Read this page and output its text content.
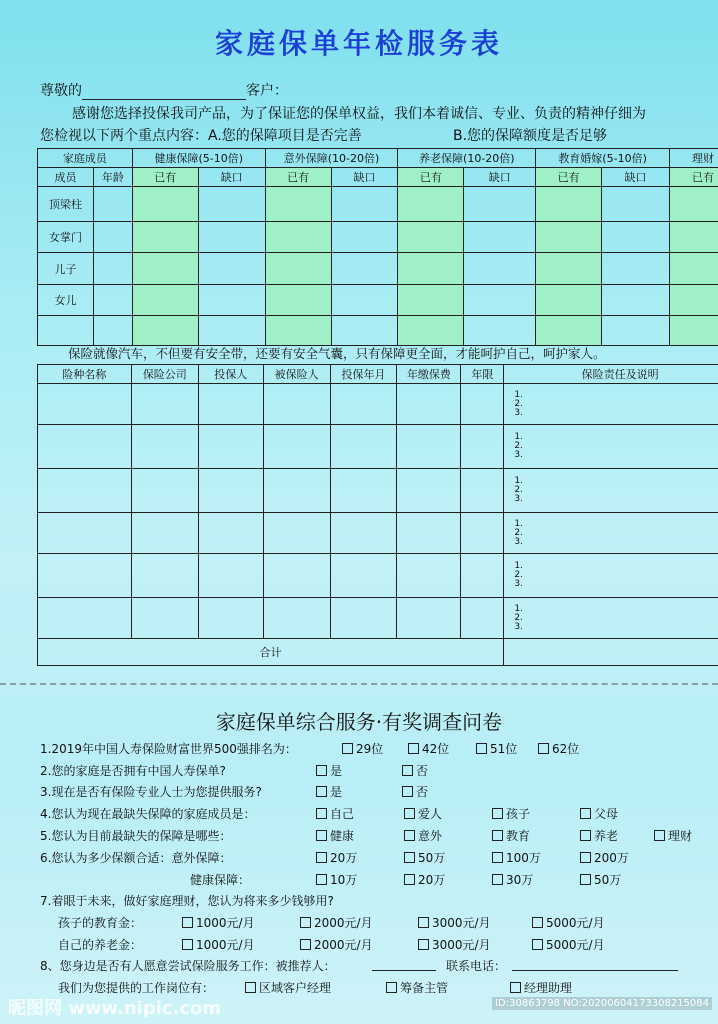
家庭保单年检服务表
尊敬的	客户：
感谢您选择投保我司产品，为了保证您的保单权益，我们本着诚信、专业、负责的精神仔细为
您检视以下两个重点内容：A.您的保障项目是否完善	B.您的保障额度是否足够
家庭成员		健康保障(5-10倍)		意外保障(10-20倍)		养老保障(10-20倍)		教育婚嫁(5-10倍)		理财
成员	年龄	已有	缺口	已有	缺口	已有	缺口	已有	缺口	已有
顶梁柱										
女掌门										
儿子										
女儿										

保险就像汽车，不但要有安全带，还要有安全气囊，只有保障更全面，才能呵护自己，呵护家人。
险种名称	保险公司	投保人	被保险人	投保年月	年缴保费	年限	保险责任及说明

							1.
2.
3.

							1.
2.
3.

							1.
2.
3.

							1.
2.
3.

							1.
2.
3.

							1.
2.
3.

合计							
家庭保单综合服务·有奖调查问卷
1.2019年中国人寿保险财富世界500强排名为：	29位	42位	51位	62位
2.您的家庭是否拥有中国人寿保单?	是	否
3.现在是否有保险专业人士为您提供服务?	是	否
4.您认为现在最缺失保障的家庭成员是：	自己	爱人	孩子	父母
5.您认为目前最缺失的保障是哪些：	健康	意外	教育	养老	理财
6.您认为多少保额合适：意外保障：	20万	50万	100万	200万
健康保障：	10万	20万	30万	50万
7.着眼于未来，做好家庭理财，您认为将来多少钱够用?
孩子的教育金：	1000元/月	2000元/月	3000元/月	5000元/月
自己的养老金：	1000元/月	2000元/月	3000元/月	5000元/月
8、您身边是否有人愿意尝试保险服务工作：被推荐人：	联系电话：
我们为您提供的工作岗位有：	区域客户经理	筹备主管	经理助理
昵图网 www.nipic.com	ID:30863798 NO:20200604173308215084
